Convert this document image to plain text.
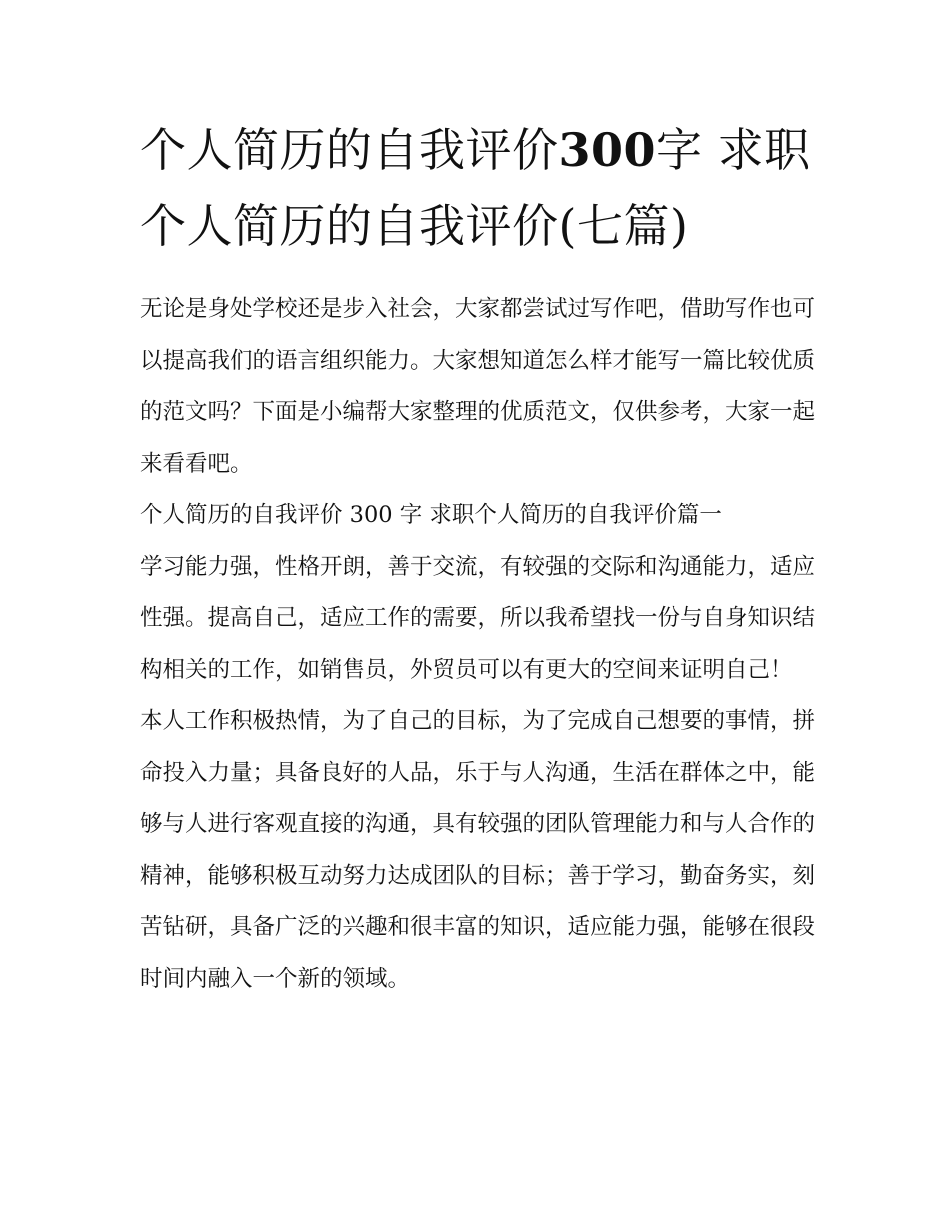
个人简历的自我评价300字 求职个人简历的自我评价(七篇)

无论是身处学校还是步入社会，大家都尝试过写作吧，借助写作也可以提高我们的语言组织能力。大家想知道怎么样才能写一篇比较优质的范文吗？下面是小编帮大家整理的优质范文，仅供参考，大家一起来看看吧。

个人简历的自我评价 300 字 求职个人简历的自我评价篇一

学习能力强，性格开朗，善于交流，有较强的交际和沟通能力，适应性强。提高自己，适应工作的需要，所以我希望找一份与自身知识结构相关的工作，如销售员，外贸员可以有更大的空间来证明自己！

本人工作积极热情，为了自己的目标，为了完成自己想要的事情，拼命投入力量；具备良好的人品，乐于与人沟通，生活在群体之中，能够与人进行客观直接的沟通，具有较强的团队管理能力和与人合作的精神，能够积极互动努力达成团队的目标；善于学习，勤奋务实，刻苦钻研，具备广泛的兴趣和很丰富的知识，适应能力强，能够在很段时间内融入一个新的领域。
